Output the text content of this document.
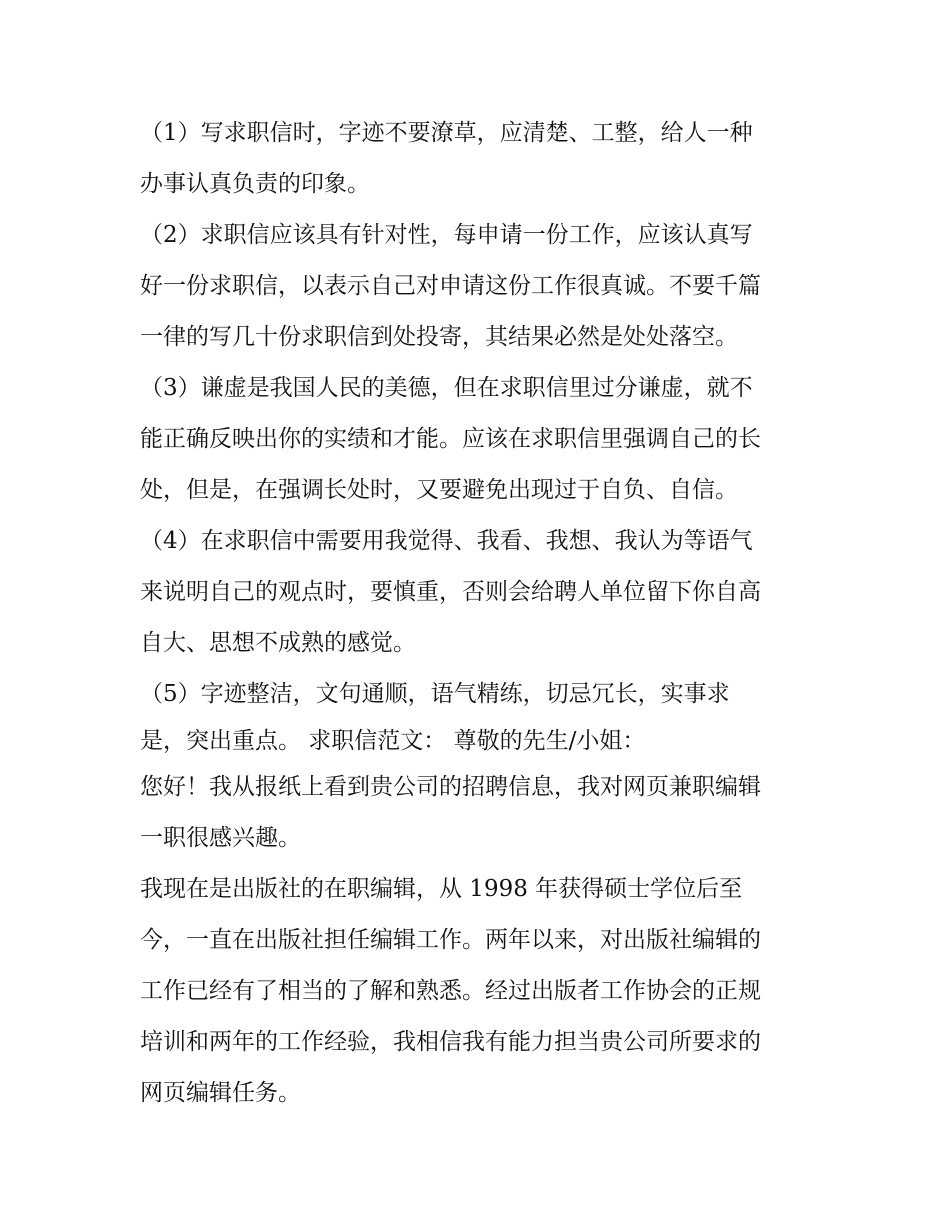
（1）写求职信时，字迹不要潦草，应清楚、工整，给人一种
办事认真负责的印象。
（2）求职信应该具有针对性，每申请一份工作，应该认真写
好一份求职信，以表示自己对申请这份工作很真诚。不要千篇
一律的写几十份求职信到处投寄，其结果必然是处处落空。
（3）谦虚是我国人民的美德，但在求职信里过分谦虚，就不
能正确反映出你的实绩和才能。应该在求职信里强调自己的长
处，但是，在强调长处时，又要避免出现过于自负、自信。
（4）在求职信中需要用我觉得、我看、我想、我认为等语气
来说明自己的观点时，要慎重，否则会给聘人单位留下你自高
自大、思想不成熟的感觉。
（5）字迹整洁，文句通顺，语气精练，切忌冗长，实事求
是，突出重点。 求职信范文： 尊敬的先生/小姐：
您好！我从报纸上看到贵公司的招聘信息，我对网页兼职编辑
一职很感兴趣。
我现在是出版社的在职编辑，从 1998 年获得硕士学位后至
今，一直在出版社担任编辑工作。两年以来，对出版社编辑的
工作已经有了相当的了解和熟悉。经过出版者工作协会的正规
培训和两年的工作经验，我相信我有能力担当贵公司所要求的
网页编辑任务。
